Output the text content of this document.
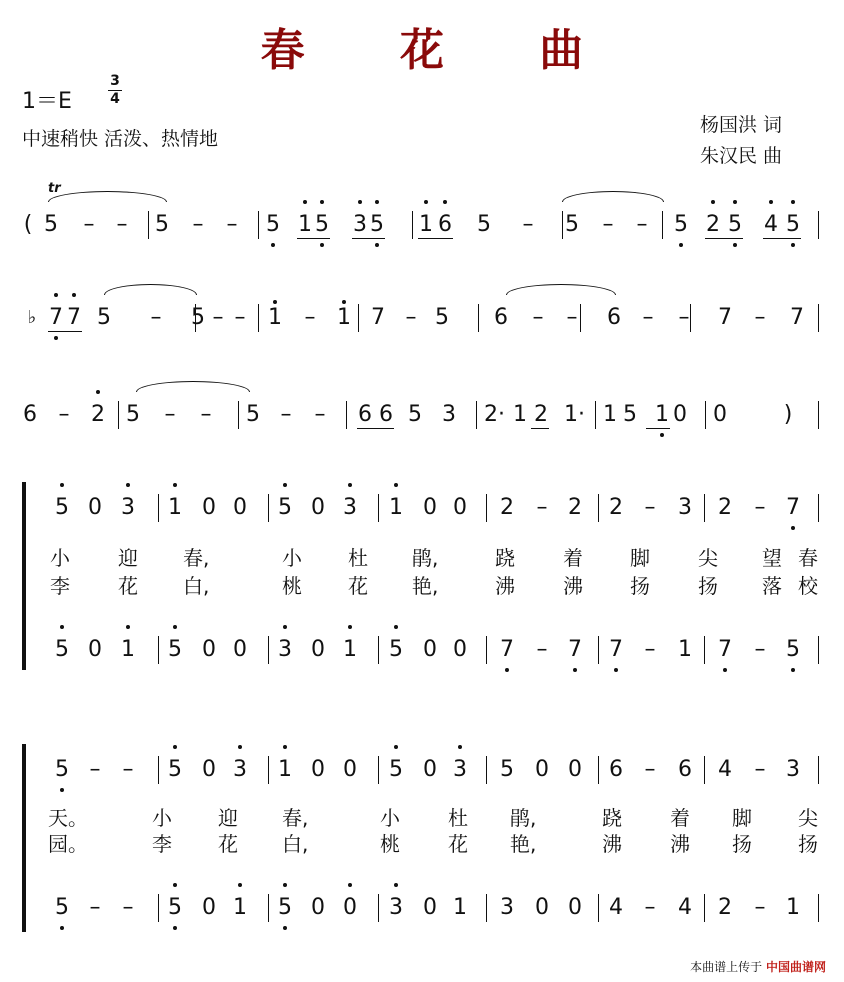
春 花 曲
1＝E
3
4
中速稍快 活泼、热情地
杨国洪 词
朱汉民 曲
tr
5 – – 5 – – 5 1 5 3 5 1 6 5 – 5 – – 5 2 5 4 5
(
7 7 5 – 5 – – 1 – 1 7 – 5 6 – – 6 – – 7 – 7
♭
6 – 2 5 – – 5 – – 6 6 5 3 2· 1 2 1· 1 5 1 0 0	)
5 0 3 1 0 0 5 0 3 1 0 0 2 – 2 2 – 3 2 – 7
5 0 1 5 0 0 3 0 1 5 0 0 7 – 7 7 – 1 7 – 5
5 – – 5 0 3 1 0 0 5 0 3 5 0 0 6 – 6 4 – 3
5 – – 5 0 1 5 0 0 3 0 1 3 0 0 4 – 4 2 – 1
小 迎 春,	小 杜 鹃,	跷 着 脚 尖 望 春
李 花 白,	桃 花 艳,	沸 沸 扬 扬 落 校
天。	小 迎 春,	小 杜 鹃,	跷 着 脚 尖
园。	李 花 白,	桃 花 艳,	沸 沸 扬 扬
本曲谱上传于 中国曲谱网
